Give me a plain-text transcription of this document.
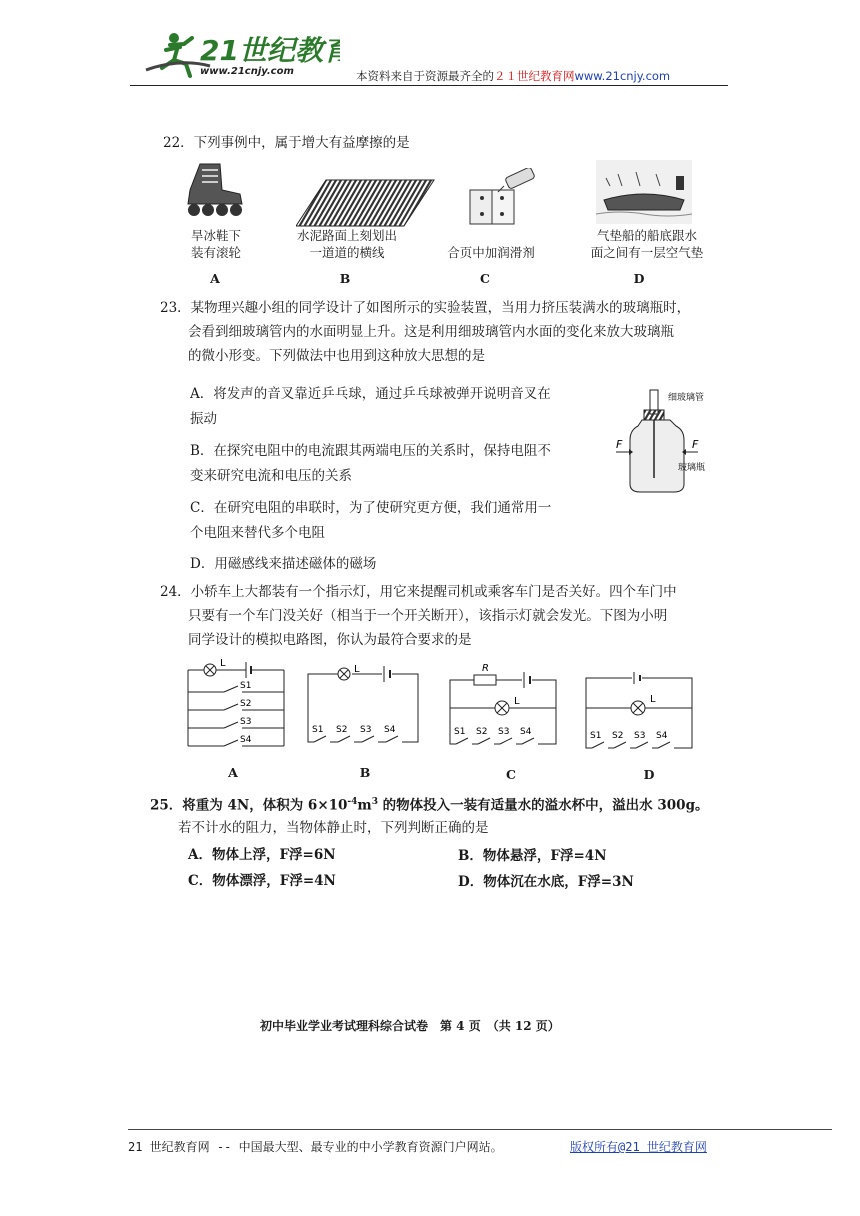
21世纪教育
www.21cnjy.com	本资料来自于资源最齐全的２１世纪教育网www.21cnjy.com
22．下列事例中，属于增大有益摩擦的是
旱冰鞋下
装有滚轮
水泥路面上刻划出
一道道的横线	合页中加润滑剂
气垫船的船底跟水
面之间有一层空气垫
A	B	C	D
23．某物理兴趣小组的同学设计了如图所示的实验装置，当用力挤压装满水的玻璃瓶时，
会看到细玻璃管内的水面明显上升。这是利用细玻璃管内水面的变化来放大玻璃瓶
的微小形变。下列做法中也用到这种放大思想的是
A．将发声的音叉靠近乒乓球，通过乒乓球被弹开说明音叉在
振动
B．在探究电阻中的电流跟其两端电压的关系时，保持电阻不
变来研究电流和电压的关系
C．在研究电阻的串联时，为了使研究更方便，我们通常用一
个电阻来替代多个电阻
D．用磁感线来描述磁体的磁场
F	F
细玻璃管
玻璃瓶
24．小轿车上大都装有一个指示灯，用它来提醒司机或乘客车门是否关好。四个车门中
只要有一个车门没关好（相当于一个开关断开），该指示灯就会发光。下图为小明
同学设计的模拟电路图，你认为最符合要求的是
L
S1
S2
S3
S4
L
S1 S2 S3 S4
R
L
S1 S2 S3 S4
L
S1 S2 S3 S4
A	B	C	D
25．将重为 4N，体积为 $6\times 10^{-4}m^3$ 的物体投入一装有适量水的溢水杯中，溢出水 300g。
若不计水的阻力，当物体静止时，下列判断正确的是
A．物体上浮，F浮=6N	B．物体悬浮，F浮=4N
C．物体漂浮，F浮=4N	D．物体沉在水底，F浮=3N
初中毕业学业考试理科综合试卷　第 4 页　（共 12 页）
21 世纪教育网 -- 中国最大型、最专业的中小学教育资源门户网站。	版权所有@21 世纪教育网
